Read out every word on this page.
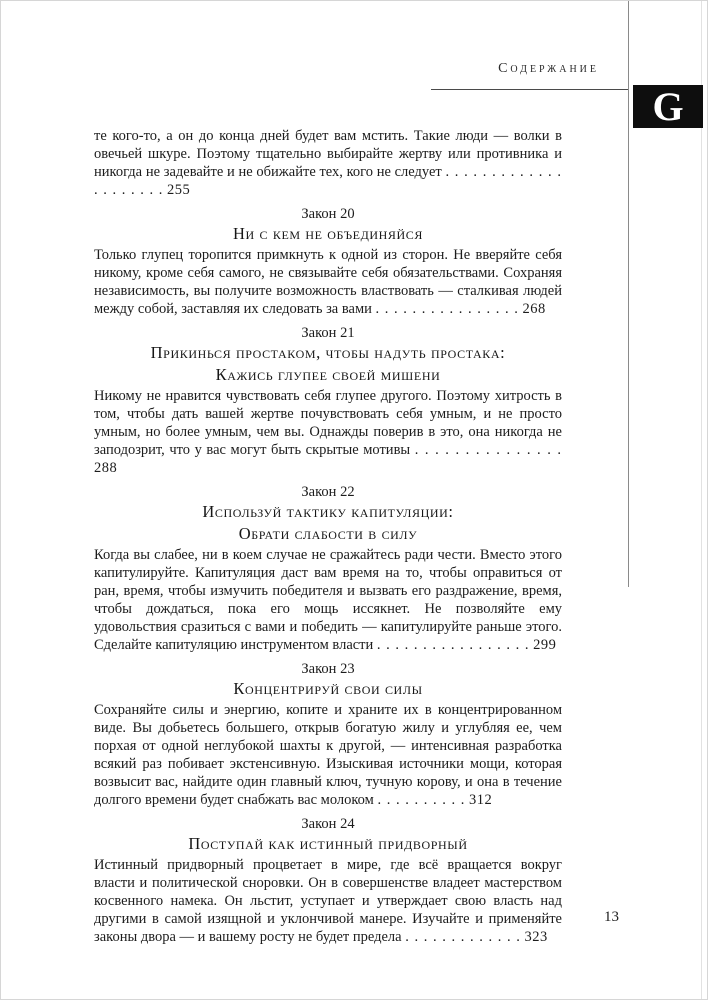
Содержание
G

те кого-то, а он до конца дней будет вам мстить. Такие люди — волки в овечьей шкуре. Поэтому тщательно выбирайте жертву или противника и никогда не задевайте и не обижайте тех, кого не следует . . . . . . . . . . . . . . . . . . . . . 255

Закон 20
Ни с кем не объединяйся

Только глупец торопится примкнуть к одной из сторон. Не вверяйте себя никому, кроме себя самого, не связывайте себя обязательствами. Сохраняя независимость, вы получите возможность властвовать — сталкивая людей между собой, заставляя их следовать за вами . . . . . . . . . . . . . . . . 268

Закон 21
Прикинься простаком, чтобы надуть простака:
Кажись глупее своей мишени

Никому не нравится чувствовать себя глупее другого. Поэтому хитрость в том, чтобы дать вашей жертве почувствовать себя умным, и не просто умным, но более умным, чем вы. Однажды поверив в это, она никогда не заподозрит, что у вас могут быть скрытые мотивы . . . . . . . . . . . . . . . 288

Закон 22
Используй тактику капитуляции:
Обрати слабости в силу

Когда вы слабее, ни в коем случае не сражайтесь ради чести. Вместо этого капитулируйте. Капитуляция даст вам время на то, чтобы оправиться от ран, время, чтобы измучить победителя и вызвать его раздражение, время, чтобы дождаться, пока его мощь иссякнет. Не позволяйте ему удовольствия сразиться с вами и победить — капитулируйте раньше этого. Сделайте капитуляцию инструментом власти . . . . . . . . . . . . . . . . . 299

Закон 23
Концентрируй свои силы

Сохраняйте силы и энергию, копите и храните их в концентрированном виде. Вы добьетесь большего, открыв богатую жилу и углубляя ее, чем порхая от одной неглубокой шахты к другой, — интенсивная разработка всякий раз побивает экстенсивную. Изыскивая источники мощи, которая возвысит вас, найдите один главный ключ, тучную корову, и она в течение долгого времени будет снабжать вас молоком . . . . . . . . . . 312

Закон 24
Поступай как истинный придворный

Истинный придворный процветает в мире, где всё вращается вокруг власти и политической сноровки. Он в совершенстве владеет мастерством косвенного намека. Он льстит, уступает и утверждает свою власть над другими в самой изящной и уклончивой манере. Изучайте и применяйте законы двора — и вашему росту не будет предела . . . . . . . . . . . . . 323

13
